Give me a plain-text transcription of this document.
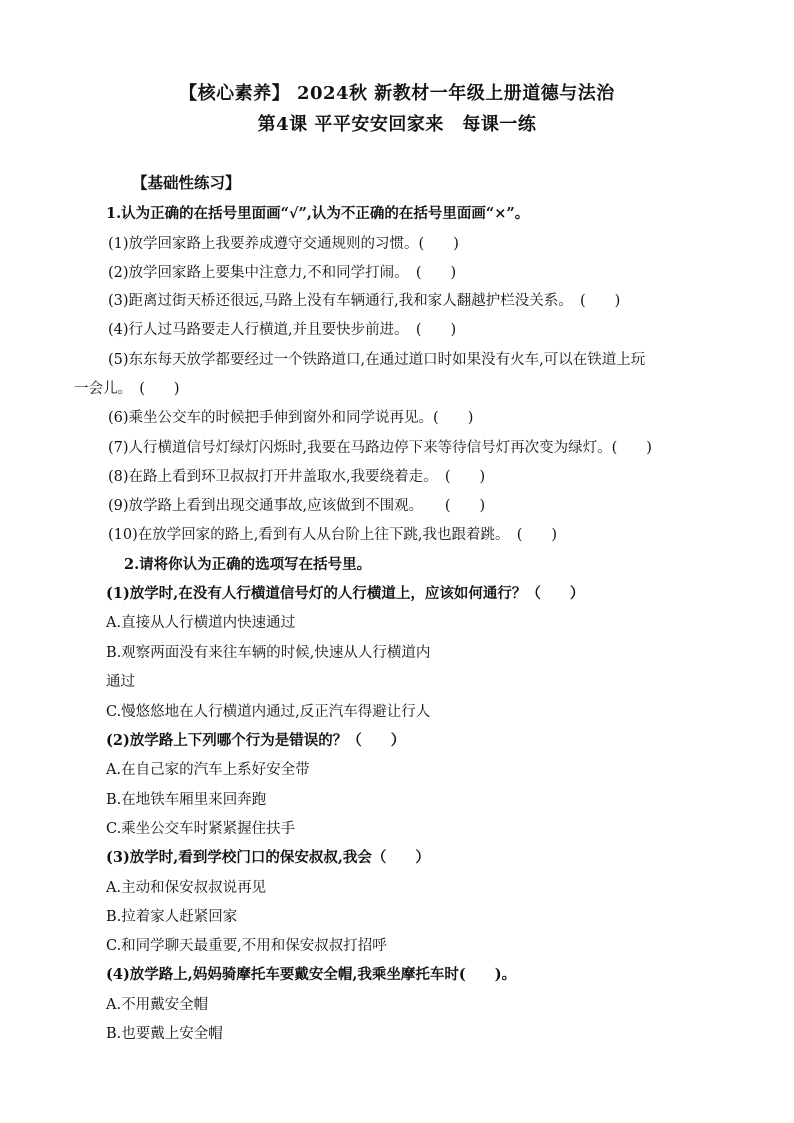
【核心素养】 2024秋 新教材一年级上册道德与法治
第4课 平平安安回家来　每课一练
【基础性练习】
1.认为正确的在括号里面画“√”,认为不正确的在括号里面画“×”。
(1)放学回家路上我要养成遵守交通规则的习惯。(　　)
(2)放学回家路上要集中注意力,不和同学打闹。　(　　)
(3)距离过街天桥还很远,马路上没有车辆通行,我和家人翻越护栏没关系。　(　　)
(4)行人过马路要走人行横道,并且要快步前进。　(　　)
(5)东东每天放学都要经过一个铁路道口,在通过道口时如果没有火车,可以在铁道上玩
一会儿。　(　　)
(6)乘坐公交车的时候把手伸到窗外和同学说再见。(　　)
(7)人行横道信号灯绿灯闪烁时,我要在马路边停下来等待信号灯再次变为绿灯。(　　)
(8)在路上看到环卫叔叔打开井盖取水,我要绕着走。　(　　)
(9)放学路上看到出现交通事故,应该做到不围观。　　(　　)
(10)在放学回家的路上,看到有人从台阶上往下跳,我也跟着跳。　(　　)
2.请将你认为正确的选项写在括号里。
(1)放学时,在没有人行横道信号灯的人行横道上，应该如何通行？（　　）
A.直接从人行横道内快速通过
B.观察两面没有来往车辆的时候,快速从人行横道内
通过
C.慢悠悠地在人行横道内通过,反正汽车得避让行人
(2)放学路上下列哪个行为是错误的？（　　）
A.在自己家的汽车上系好安全带
B.在地铁车厢里来回奔跑
C.乘坐公交车时紧紧握住扶手
(3)放学时,看到学校门口的保安叔叔,我会（　　）
A.主动和保安叔叔说再见
B.拉着家人赶紧回家
C.和同学聊天最重要,不用和保安叔叔打招呼
(4)放学路上,妈妈骑摩托车要戴安全帽,我乘坐摩托车时(　　)。
A.不用戴安全帽
B.也要戴上安全帽
